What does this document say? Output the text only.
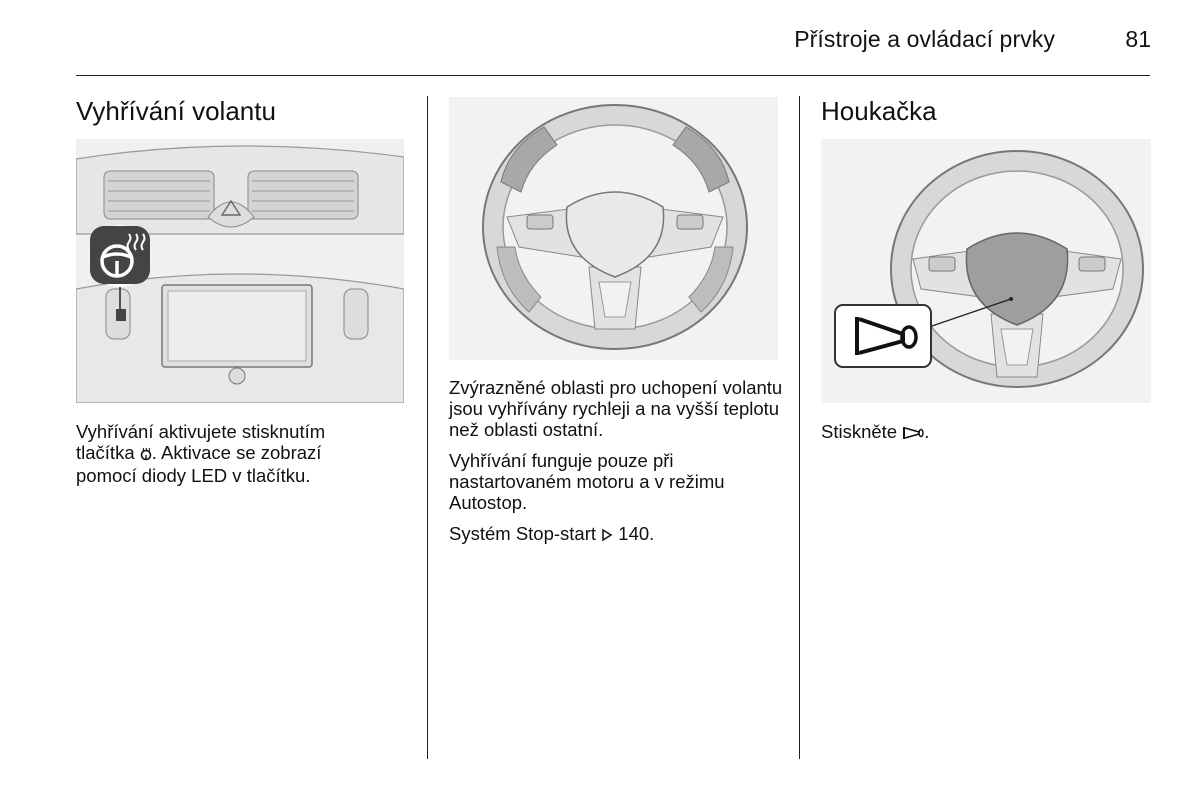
Přístroje a ovládací prvky	81
Vyhřívání volantu

Vyhřívání aktivujete stisknutím
tlačítka . Aktivace se zobrazí
pomocí diody LED v tlačítku.

Zvýrazněné oblasti pro uchopení volantu jsou vyhřívány rychleji a na vyšší teplotu než oblasti ostatní.

Vyhřívání funguje pouze při nastartovaném motoru a v režimu Autostop.

Systém Stop-start 140.

Houkačka

Stiskněte .
